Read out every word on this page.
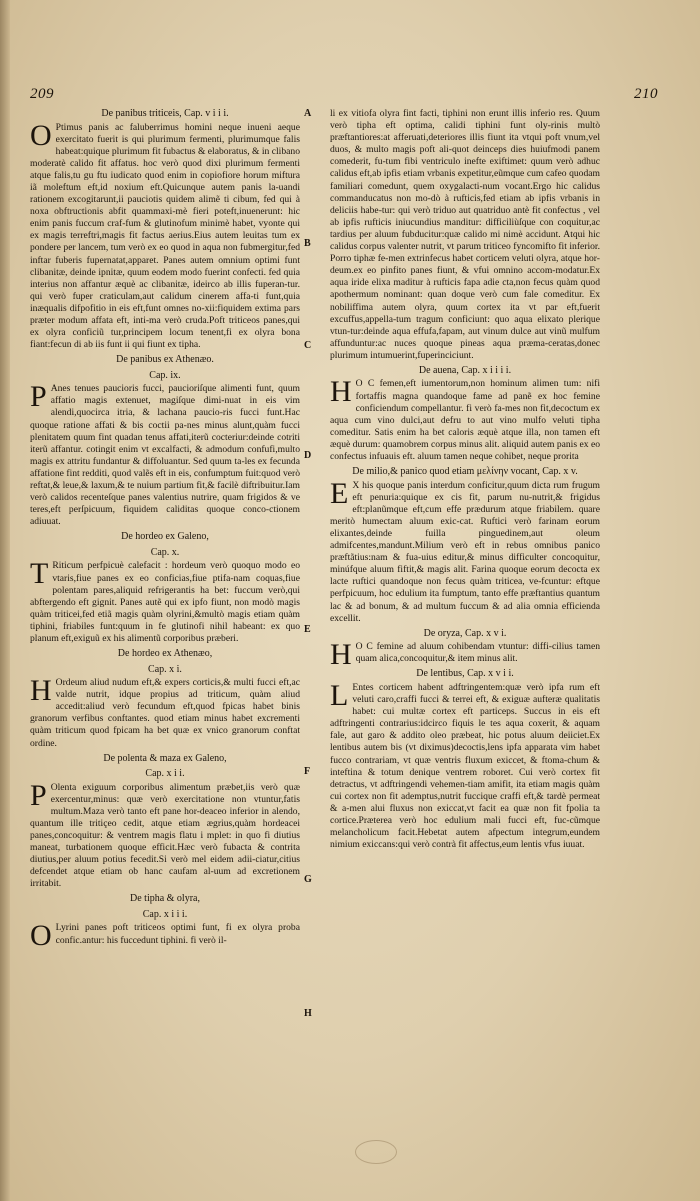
209	210
De panibus triticeis, Cap. v i i i.

O Ptimus panis ac faluberrimus homini neque inueni aeque exercitato fuerit is qui plurimum fermenti, plurimumque falis habeat:quique plurimum fit fubactus & elaboratus, & in clibano moderatè calido fit affatus. hoc verò quod dixi plurimum fermenti atque falis,tu gu ftu iudicato quod enim in copiofiore horum miftura iã moleftum eft,id noxium eft.Quicunque autem panis la-uandi rationem excogitarunt,ii pauciotis quidem alimẽ ti cibum, fed qui à noxa obftructionis abfit quammaxi-mè fieri poteft,inuenerunt: hic enim panis fuccum craf-fum & glutinofum minimè habet, vyonte qui ex magis terreftri,magis fit factus aerius.Eius autem leuitas tum ex pondere per lancem, tum verò ex eo quod in aqua non fubmergitur,fed inftar fuberis fupernatat,apparet. Panes autem omnium optimi funt clibanitæ, deinde ipnitæ, quum eodem modo fuerint confecti. fed quia interius non affantur æquè ac clibanitæ, ideirco ab illis fuperan-tur. qui verò fuper craticulam,aut calidum cinerem affa-ti funt,quia inæqualis difpofitio in eis eft,funt omnes no-xii:fiquidem extima pars præter modum affata eft, inti-ma verò cruda.Poft triticeos panes,qui ex olyra conficiũ tur,principem locum tenent,fi ex olyra bona fiant:fecun di ab iis funt ii qui fiunt ex tipha.

De panibus ex Athenæo.
Cap. ix.

P Anes tenues paucioris fucci, paucioriſque alimenti funt, quum affatio magis extenuet, magiſque dimi-nuat in eis vim alendi,quocirca itria, & lachana paucio-ris fucci funt.Hac quoque ratione affati & bis coctii pa-nes minus alunt,quàm fucci plenitatem quum fint quadan tenus affati,iterũ cocteriur:deinde cotriti iterũ affantur. cotingit enim vt excalfacti, & admodum confufi,multo magis ex attritu fundantur & diffoluantur. Sed quum ta-les ex fecunda affatione fint redditi, quod valẽs eft in eis, confumptum fuit:quod verò reftat,& leue,& laxum,& te nuium partium fit,& facilè diftribuitur.Iam verò calidos recenteſque panes valentius nutrire, quam frigidos & ve teres,eft perſpicuum, fiquidem caliditas quoque conco-ctionem adiuuat.

De hordeo ex Galeno,
Cap. x.

T Riticum perfpicuè calefacit : hordeum verò quoquo modo eo vtaris,fiue panes ex eo conficias,fiue ptifa-nam coquas,fiue polentam pares,aliquid refrigerantis ha bet: fuccum verò,qui abftergendo eft gignit. Panes autẽ qui ex ipfo fiunt, non modò magis quàm triticei,fed etiã magis quàm olyrini,&multò magis etiam quàm tiphini, friabiles funt:quum in fe glutinofi nihil habeant: ex quo planum eft,exiguũ ex his alimentũ corporibus præberi.

De hordeo ex Athenæo,
Cap. x i.

H Ordeum aliud nudum eft,& expers corticis,& multi fucci eft,ac valde nutrit, idque propius ad triticum, quàm aliud accedit:aliud verò fecundum eft,quod fpicas habet binis granorum verfibus conftantes. quod etiam minus habet excrementi quàm triticum quod fpicam ha bet quæ ex vnico granorum conftat ordine.

De polenta & maza ex Galeno,
Cap. x i i.

P Olenta exiguum corporibus alimentum præbet,iis verò quæ exercentur,minus: quæ verò exercitatione non vtuntur,fatis multum.Maza verò tanto eft pane hor-deaceo inferior in alendo, quantum ille tritiçeo cedit, atque etiam ægrius,quàm hordeacei panes,concoquitur: & ventrem magis flatu i mplet: in quo fi diutius maneat, turbationem quoque efficit.Hæc verò fubacta & contrita diutius,per aluum potius fecedit.Si verò mel eidem adii-ciatur,citius defcendet atque etiam ob hanc caufam al-uum ad excretionem irritabit.

De tipha & olyra,
Cap. x i i i.

O Lyrini panes poft triticeos optimi funt, fi ex olyra proba confic.antur: his fuccedunt tiphini. fi verò il-

A
B
C
D
E
F
G
H

li ex vitiofa olyra fint facti, tiphini non erunt illis inferio res. Quum verò tipha eft optima, calidi tiphini funt oly-rinis multò præftantiores:at afferuati,deteriores illis fiunt ita vtqui poft vnum,vel duos, & multo magis poft ali-quot deinceps dies huiufmodi panem comederit, fu-tum fibi ventriculo inefte exiftimet: quum verò adhuc calidus eft,ab ipfis etiam vrbanis expetitur,eũmque cum cafeo quodam familiari comedunt, quem oxygalacti-num vocant.Ergo hic calidus commanducatus non mo-dò à rufticis,fed etiam ab ipfis vrbanis in deliciis habe-tur: qui verò triduo aut quatriduo antè fit confectus , vel ab ipfis rufticis iniucundius manditur: difficiliùſque con coquitur,ac tardius per aluum fubducitur:quæ calido mi nimè accidunt. Atqui hic calidus corpus valenter nutrit, vt parum triticeo fyncomifto fit inferior. Porro tiphæ fe-men extrinfecus habet corticem veluti olyra, atque hor-deum.ex eo pinfito panes fiunt, & vfui omnino accom-modatur.Ex aqua iride elixa maditur à rufticis fapa adie cta,non fecus quàm quod apothermum nominant: quan doque verò cum fale comeditur. Ex nobiliffima autem olyra, quum cortex ita vt par eft,fuerit excuffus,appella-tum tragum conficiunt: quo aqua elixato plerique vtun-tur:deinde aqua effufa,fapam, aut vinum dulce aut vinũ mulfum affunduntur:ac nuces quoque pineas aqua præma-ceratas,donec plurimum intumuerint,fuperinciciunt.

De auena, Cap. x i i i i.

H O C femen,eft iumentorum,non hominum alimen tum: nifi fortaffis magna quandoque fame ad panẽ ex hoc femine conficiendum compellantur. fi verò fa-mes non fit,decoctum ex aqua cum vino dulci,aut defru to aut vino mulfo veluti tipha comeditur. Satis enim ha bet caloris æquè atque illa, non tamen eft æquè durum: quamobrem corpus minus alit. aliquid autem panis ex eo confectus infuauis eft. aluum tamen neque cohibet, neque prorita

De milio,& panico quod etiam μελίνην vocant, Cap. x v.

E X his quoque panis interdum conficitur,quum dicta rum frugum eft penuria:quique ex cis fit, parum nu-nutrit,& frigidus eft:planũmque eft,cum effe prædurum atque friabilem. quare meritò humectam aluum exic-cat. Ruftici verò farinam eorum elixantes,deinde fuilla pinguedinem,aut oleum admifcentes,mandunt.Milium verò eft in rebus omnibus panico præftãtius:nam & fua-uius editur,& minus difficulter concoquitur, minúfque aluum fiftit,& magis alit. Farina quoque eorum decocta ex lacte ruftici quandoque non fecus quàm triticea, ve-fcuntur: eftque perfpicuum, hoc edulium ita fumptum, tanto effe præftantius quantum lac & ad bonum, & ad multum fuccum & ad alia omnia efficienda excellit.

De oryza, Cap. x v i.

H O C femine ad aluum cohibendam vtuntur: diffi-cilius tamen quam alica,concoquitur,& item minus alit.

De lentibus, Cap. x v i i.

L Entes corticem habent adftringentem:quæ verò ipfa rum eft veluti caro,craffi fucci & terrei eft, & exiguæ aufteræ qualitatis habet: cui multæ cortex eft particeps. Succus in eis eft adftringenti contrarius:idcirco fiquis le tes aqua coxerit, & aquam fale, aut garo & addito oleo præbeat, hic potus aluum deiiciet.Ex lentibus autem bis (vt diximus)decoctis,lens ipfa apparata vim habet fucco contrariam, vt quæ ventris fluxum exiccet, & ftoma-chum & inteftina & totum denique ventrem roboret. Cui verò cortex fit detractus, vt adftringendi vehemen-tiam amifit, ita etiam magis quàm cui cortex non fit ademptus,nutrit fuccique craffi eft,& tardè permeat & a-men alui fluxus non exiccat,vt facit ea quæ non fit fpolia ta cortice.Præterea verò hoc edulium mali fucci eft, fuc-cũmque melancholicum facit.Hebetat autem afpectum integrum,eundem nimium exiccans:qui verò contrà fit affectus,eum lentis vfus iuuat.
